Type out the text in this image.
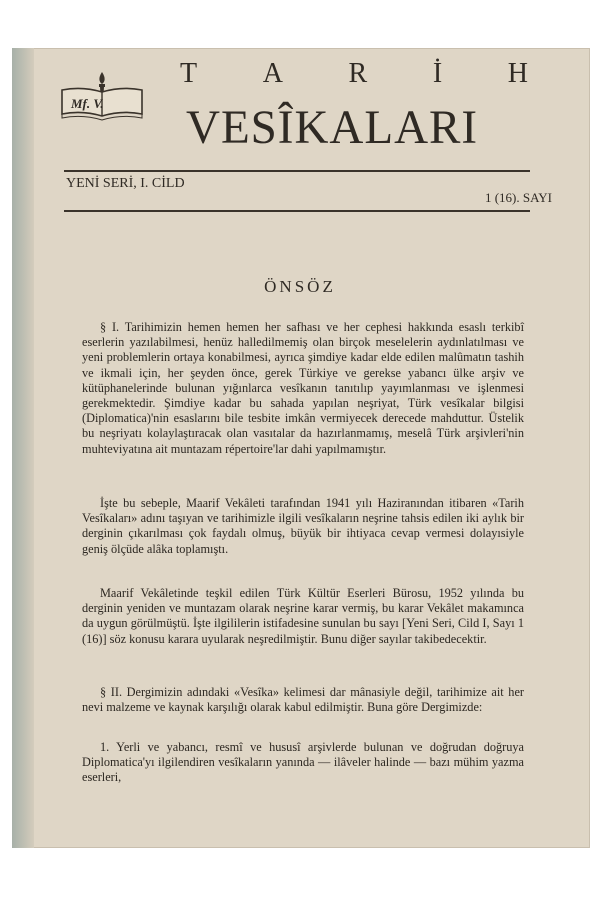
Mf. V.
T A R İ H
VESÎKALARI
YENİ SERİ, I. CİLD
1 (16). SAYI
ÖNSÖZ

§ I. Tarihimizin hemen hemen her safhası ve her cephesi hakkında esaslı terkibî eserlerin yazılabilmesi, henüz halledilmemiş olan birçok meselelerin aydınlatılması ve yeni problemlerin ortaya konabilmesi, ayrıca şimdiye kadar elde edilen malûmatın tashih ve ikmali için, her şeyden önce, gerek Türkiye ve gerekse yabancı ülke arşiv ve kütüphanelerinde bulunan yığınlarca vesîkanın tanıtılıp yayımlanması ve işlenmesi gerekmektedir. Şimdiye kadar bu sahada yapılan neşriyat, Türk vesîkalar bilgisi (Diplomatica)'nin esaslarını bile tesbite imkân vermiyecek derecede mahduttur. Üstelik bu neşriyatı kolaylaştıracak olan vasıtalar da hazırlanmamış, meselâ Türk arşivleri'nin muhteviyatına ait muntazam répertoire'lar dahi yapılmamıştır.

İşte bu sebeple, Maarif Vekâleti tarafından 1941 yılı Haziranından itibaren «Tarih Vesîkaları» adını taşıyan ve tarihimizle ilgili vesîkaların neşrine tahsis edilen iki aylık bir derginin çıkarılması çok faydalı olmuş, büyük bir ihtiyaca cevap vermesi dolayısiyle geniş ölçüde alâka toplamıştı.

Maarif Vekâletinde teşkil edilen Türk Kültür Eserleri Bürosu, 1952 yılında bu derginin yeniden ve muntazam olarak neşrine karar vermiş, bu karar Vekâlet makamınca da uygun görülmüştü. İşte ilgililerin istifadesine sunulan bu sayı [Yeni Seri, Cild I, Sayı 1 (16)] söz konusu karara uyularak neşredilmiştir. Bunu diğer sayılar takibedecektir.

§ II. Dergimizin adındaki «Vesîka» kelimesi dar mânasiyle değil, tarihimize ait her nevi malzeme ve kaynak karşılığı olarak kabul edilmiştir. Buna göre Dergimizde:

1. Yerli ve yabancı, resmî ve hususî arşivlerde bulunan ve doğrudan doğruya Diplomatica'yı ilgilendiren vesîkaların yanında — ilâveler halinde — bazı mühim yazma eserleri,
